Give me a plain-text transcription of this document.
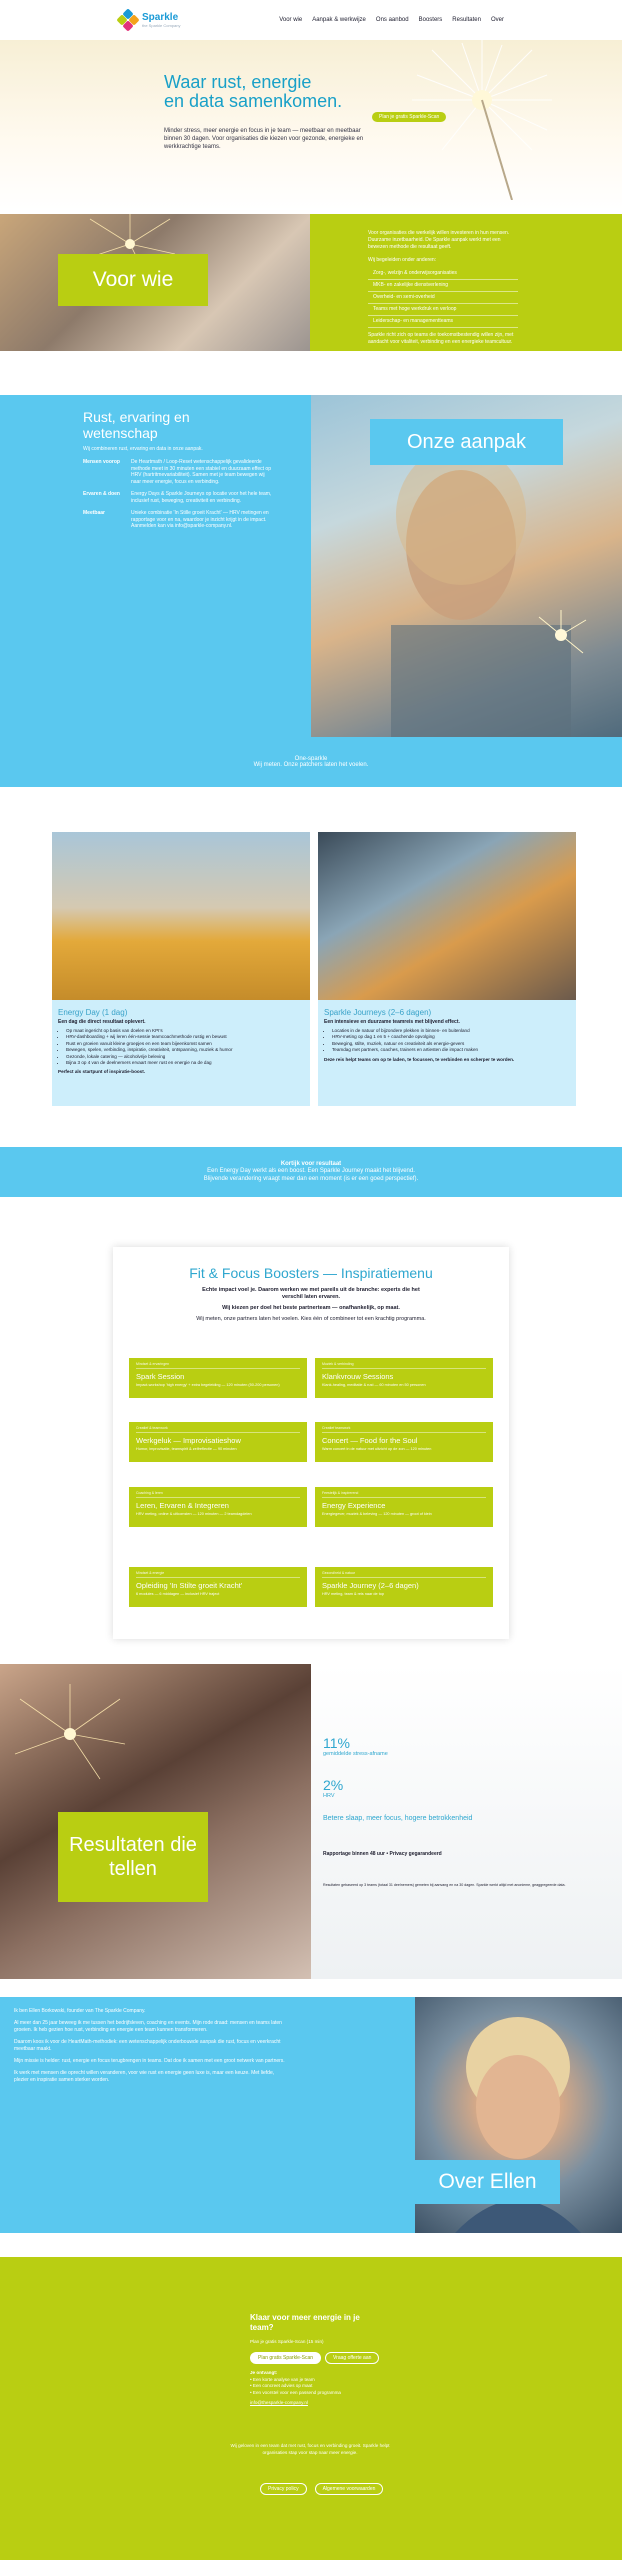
Sparkle
the Sparkle Company
Voor wie Aanpak & werkwijze Ons aanbod Boosters Resultaten Over
Waar rust, energie
en data samenkomen.

Minder stress, meer energie en focus in je team — meetbaar en meetbaar binnen 30 dagen. Voor organisaties die kiezen voor gezonde, energieke en werkkrachtige teams.

Plan je gratis Sparkle-Scan
Voor wie

Voor organisaties die werkelijk willen investeren in hun mensen. Duurzame inzetbaarheid. De Sparkle aanpak werkt met een bewezen methode die resultaat geeft.

Wij begeleiden onder anderen:

Zorg-, welzijn & onderwijsorganisaties
MKB- en zakelijke dienstverlening
Overheid- en semi-overheid
Teams met hoge werkdruk en verloop
Leiderschap- en managementteams

Sparkle richt zich op teams die toekomstbestendig willen zijn, met aandacht voor vitaliteit, verbinding en een energieke teamcultuur.

Rust, ervaring en wetenschap
Wij combineren rust, ervaring en data in onze aanpak.
Mensen voorop	De Heartmath / Loop-Reset wetenschappelijk gevalideerde methode meet in 30 minuten een stabiel en duurzaam effect op HRV (hartritmevariabiliteit). Samen met je team bewegen wij naar meer energie, focus en verbinding.
Ervaren & doen	Energy Days & Sparkle Journeys op locatie voor het hele team, inclusief rust, beweging, creativiteit en verbinding.
Meetbaar	Unieke combinatie 'In Stille groeit Kracht' — HRV metingen en rapportage voor en na, waardoor je inzicht krijgt in de impact. Aanmelden kan via info@sparkle-company.nl.
Onze aanpak
One-sparkle
Wij meten. Onze patchers laten het voelen.
Energy Day (1 dag)
Een dag die direct resultaat oplevert.
• Op maat ingericht op basis van doelen en KPI's
• HRV-dashboarding + wij leren één-sessie teamcoachmethode rustig en bewust
• Rust en groeien vanuit kleine groepjes en een team bijeenkomst samen
• Bewegen, spelen, verbinding, inspiratie, creativiteit, ontspanning, muziek & humor
• Gezonde, lokale catering — alcoholvrije beleving
• Bijna 3 op 4 van de deelnemers ervaart meer rust en energie na de dag
Perfect als startpunt of inspiratie-boost.
Sparkle Journeys (2–6 dagen)
Een intensieve en duurzame teamreis met blijvend effect.
• Locaties in de natuur of bijzondere plekken in binnen- en buitenland
• HRV-meting op dag 1 en 5 + coachende opvolging
• Beweging, stilte, muziek, natuur en creativiteit als energie-gevers
• Teamdag met partners, coaches, trainers en artiesten die impact maken
Deze reis helpt teams om op te laden, te focussen, te verbinden en scherper te worden.
Kortijk voor resultaat
Een Energy Day werkt als een boost. Een Sparkle Journey maakt het blijvend.
Blijvende verandering vraagt meer dan een moment (is er een goed perspectief).
Fit & Focus Boosters — Inspiratiemenu

Echte impact voel je. Daarom werken we met pareils uit de branche: experts die het verschil laten ervaren.

Wij kiezen per doel het beste partnerteam — onafhankelijk, op maat.

Wij meten, onze partners laten het voelen. Kies één of combineer tot een krachtig programma.

Mindset & ervaringen
Spark Session
Impact-workshop 'high energy' + extra begeleiding — 120 minuten (50-200 personen)
Muziek & verbinding
Klankvrouw Sessions
Klank-healing, meditatie & rust — 60 minuten en 50 personen
Creatief & teamwork
Werkgeluk — Improvisatieshow
Humor, improvisatie, teamspirit & zelfreflectie — 90 minuten
Creatief teamwork
Concert — Food for the Soul
Warm concert in de natuur met uitzicht op de zon — 120 minuten
Coaching & leren
Leren, Ervaren & Integreren
HRV meting, online & uitkomsten — 120 minuten — 2 teamdagdelen
Feestelijk & inspirerend
Energy Experience
Energiegever, muziek & beleving — 120 minuten — groot of klein
Mindset & energie
Opleiding 'In Stilte groeit Kracht'
6 modules — 6 middagen — inclusief HRV traject
Gezondheid & natuur
Sparkle Journey (2–6 dagen)
HRV meting, team & reis naar de top
11%
gemiddelde stress-afname
2%
HRV
Betere slaap, meer focus, hogere betrokkenheid
Rapportage binnen 48 uur • Privacy gegarandeerd
Resultaten gebaseerd op 3 teams (totaal 31 deelnemers) gemeten bij aanvang en na 30 dagen. Sparkle werkt altijd met anonieme, geaggregeerde data.
Resultaten die tellen

Ik ben Ellen Borkowski, founder van The Sparkle Company.

Al meer dan 25 jaar beweeg ik me tussen het bedrijfsleven, coaching en events. Mijn rode draad: mensen en teams laten groeien. Ik heb gezien hoe rust, verbinding en energie een team kunnen transformeren.

Daarom koos ik voor de HeartMath-methodiek: een wetenschappelijk onderbouwde aanpak die rust, focus en veerkracht meetbaar maakt.

Mijn missie is helder: rust, energie en focus terugbrengen in teams. Dat doe ik samen met een groot netwerk van partners.

Ik werk met mensen die oprecht willen veranderen, voor wie rust en energie geen luxe is, maar een keuze. Met liefde, plezier en inspiratie samen sterker worden.

Over Ellen
Klaar voor meer energie in je team?

Plan je gratis Sparkle-Scan (15 min)

Plan gratis Sparkle-Scan	Vraag offerte aan

Je ontvangt:

• Een korte analyse van je team

• Een concreet advies op maat

• Een voorstel voor een passend programma

info@thesparkle-company.nl

Wij geloven in een team dat met rust, focus en verbinding groeit. Sparkle helpt organisaties stap voor stap naar meer energie.

Privacy policy	Algemene voorwaarden
